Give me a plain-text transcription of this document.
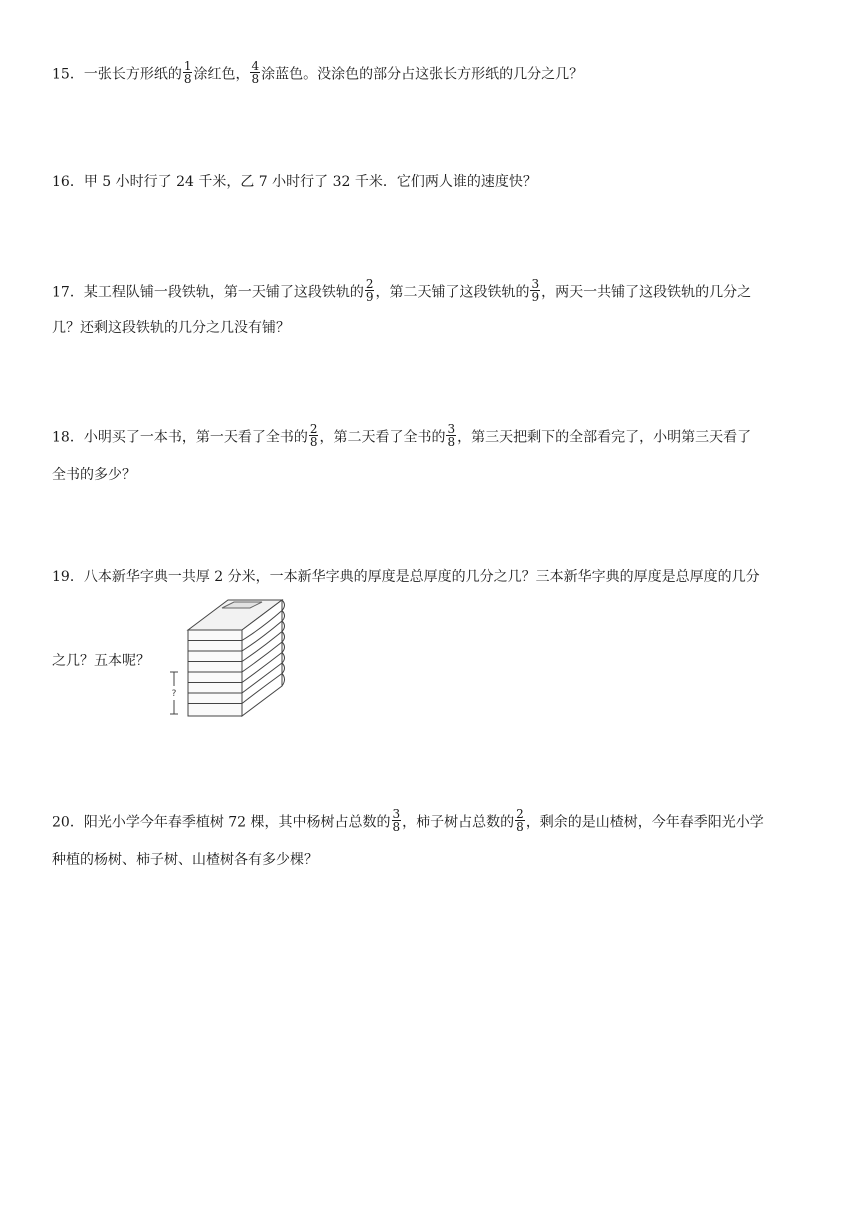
15．一张长方形纸的 $\frac{1}{8}$ 涂红色， $\frac{4}{8}$ 涂蓝色。没涂色的部分占这张长方形纸的几分之几？
16．甲 5 小时行了 24 千米，乙 7 小时行了 32 千米．它们两人谁的速度快？
17．某工程队铺一段铁轨，第一天铺了这段铁轨的 $\frac{2}{9}$ ，第二天铺了这段铁轨的 $\frac{3}{9}$ ，两天一共铺了这段铁轨的几分之
几？还剩这段铁轨的几分之几没有铺？
18．小明买了一本书，第一天看了全书的 $\frac{2}{8}$ ，第二天看了全书的 $\frac{3}{8}$ ，第三天把剩下的全部看完了，小明第三天看了
全书的多少？
19．八本新华字典一共厚 2 分米，一本新华字典的厚度是总厚度的几分之几？三本新华字典的厚度是总厚度的几分
之几？五本呢？
?
20．阳光小学今年春季植树 72 棵，其中杨树占总数的 $\frac{3}{8}$ ，柿子树占总数的 $\frac{2}{8}$ ，剩余的是山楂树，今年春季阳光小学
种植的杨树、柿子树、山楂树各有多少棵？
